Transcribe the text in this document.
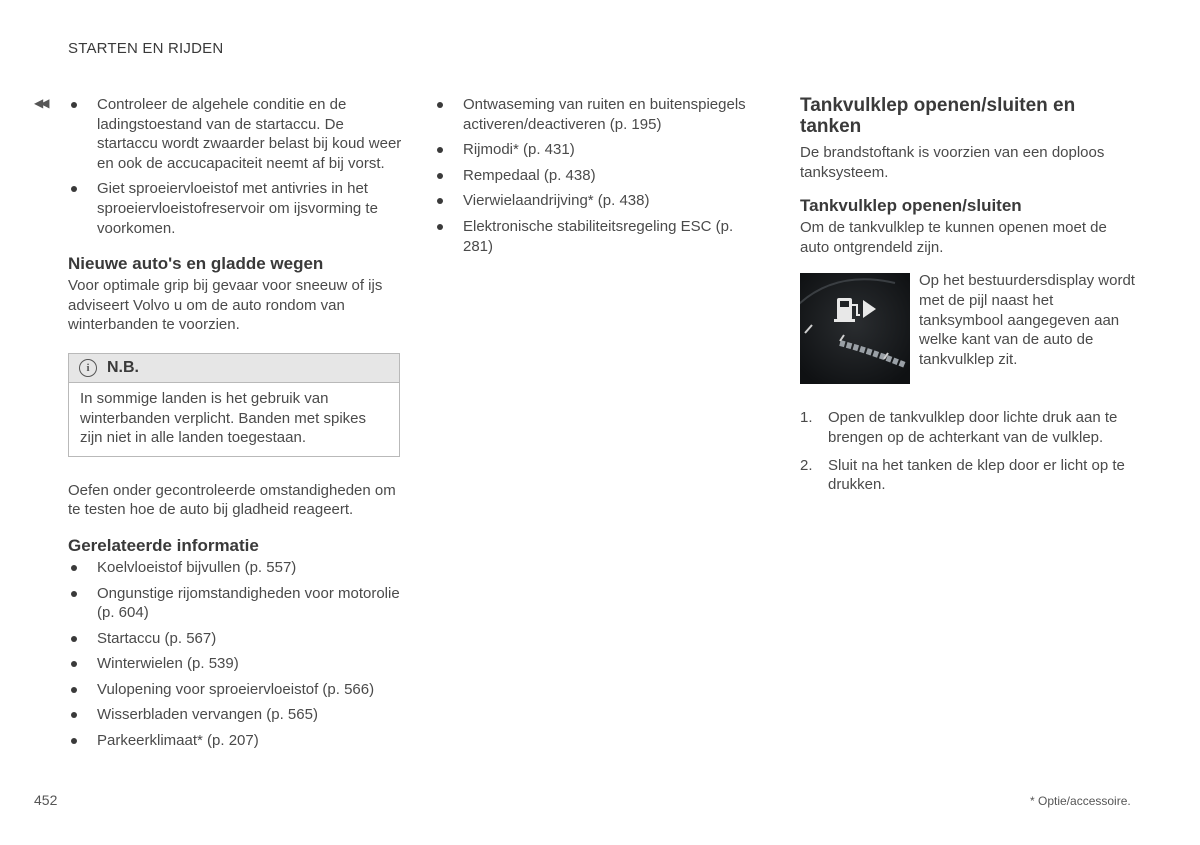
STARTEN EN RIJDEN
◀◀	Controleer de algehele conditie en de ladingstoestand van de startaccu. De startaccu wordt zwaarder belast bij koud weer en ook de accucapaciteit neemt af bij vorst.
Giet sproeiervloeistof met antivries in het sproeiervloeistofreservoir om ijsvorming te voorkomen.
Nieuwe auto's en gladde wegen

Voor optimale grip bij gevaar voor sneeuw of ijs adviseert Volvo u om de auto rondom van winterbanden te voorzien.

i	N.B.
In sommige landen is het gebruik van winterbanden verplicht. Banden met spikes zijn niet in alle landen toegestaan.

Oefen onder gecontroleerde omstandigheden om te testen hoe de auto bij gladheid reageert.

Gerelateerde informatie
Koelvloeistof bijvullen (p. 557)
Ongunstige rijomstandigheden voor motorolie (p. 604)
Startaccu (p. 567)
Winterwielen (p. 539)
Vulopening voor sproeiervloeistof (p. 566)
Wisserbladen vervangen (p. 565)
Parkeerklimaat* (p. 207)
Ontwaseming van ruiten en buitenspiegels activeren/deactiveren (p. 195)
Rijmodi* (p. 431)
Rempedaal (p. 438)
Vierwielaandrijving* (p. 438)
Elektronische stabiliteitsregeling ESC (p. 281)
Tankvulklep openen/sluiten en tanken

De brandstoftank is voorzien van een doploos tanksysteem.

Tankvulklep openen/sluiten

Om de tankvulklep te kunnen openen moet de auto ontgrendeld zijn.

Op het bestuurdersdisplay wordt met de pijl naast het tanksymbool aangegeven aan welke kant van de auto de tankvulklep zit.

1. Open de tankvulklep door lichte druk aan te brengen op de achterkant van de vulklep.
2. Sluit na het tanken de klep door er licht op te drukken.
452	* Optie/accessoire.
